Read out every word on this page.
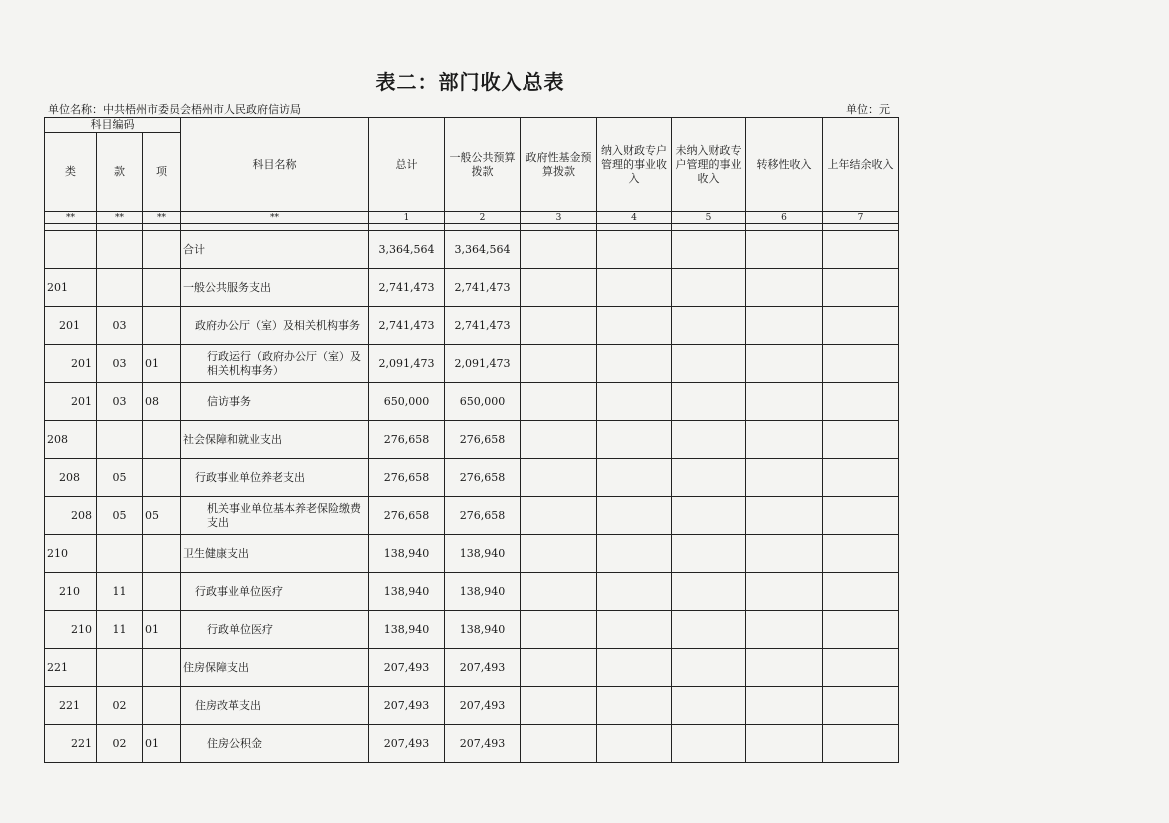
表二：部门收入总表
单位名称：中共梧州市委员会梧州市人民政府信访局	单位：元
科目编码			科目名称	总计	一般公共预算拨款	政府性基金预算拨款	纳入财政专户管理的事业收入	未纳入财政专户管理的事业收入	转移性收入	上年结余收入
类	款	项								
**	**	**	**	1	2	3	4	5	6	7

			合计	3,364,564	3,364,564					
201			一般公共服务支出	2,741,473	2,741,473					
201	03		政府办公厅（室）及相关机构事务	2,741,473	2,741,473					
201	03	01	行政运行（政府办公厅（室）及相关机构事务）	2,091,473	2,091,473					
201	03	08	信访事务	650,000	650,000					
208			社会保障和就业支出	276,658	276,658					
208	05		行政事业单位养老支出	276,658	276,658					
208	05	05	机关事业单位基本养老保险缴费支出	276,658	276,658					
210			卫生健康支出	138,940	138,940					
210	11		行政事业单位医疗	138,940	138,940					
210	11	01	行政单位医疗	138,940	138,940					
221			住房保障支出	207,493	207,493					
221	02		住房改革支出	207,493	207,493					
221	02	01	住房公积金	207,493	207,493					
